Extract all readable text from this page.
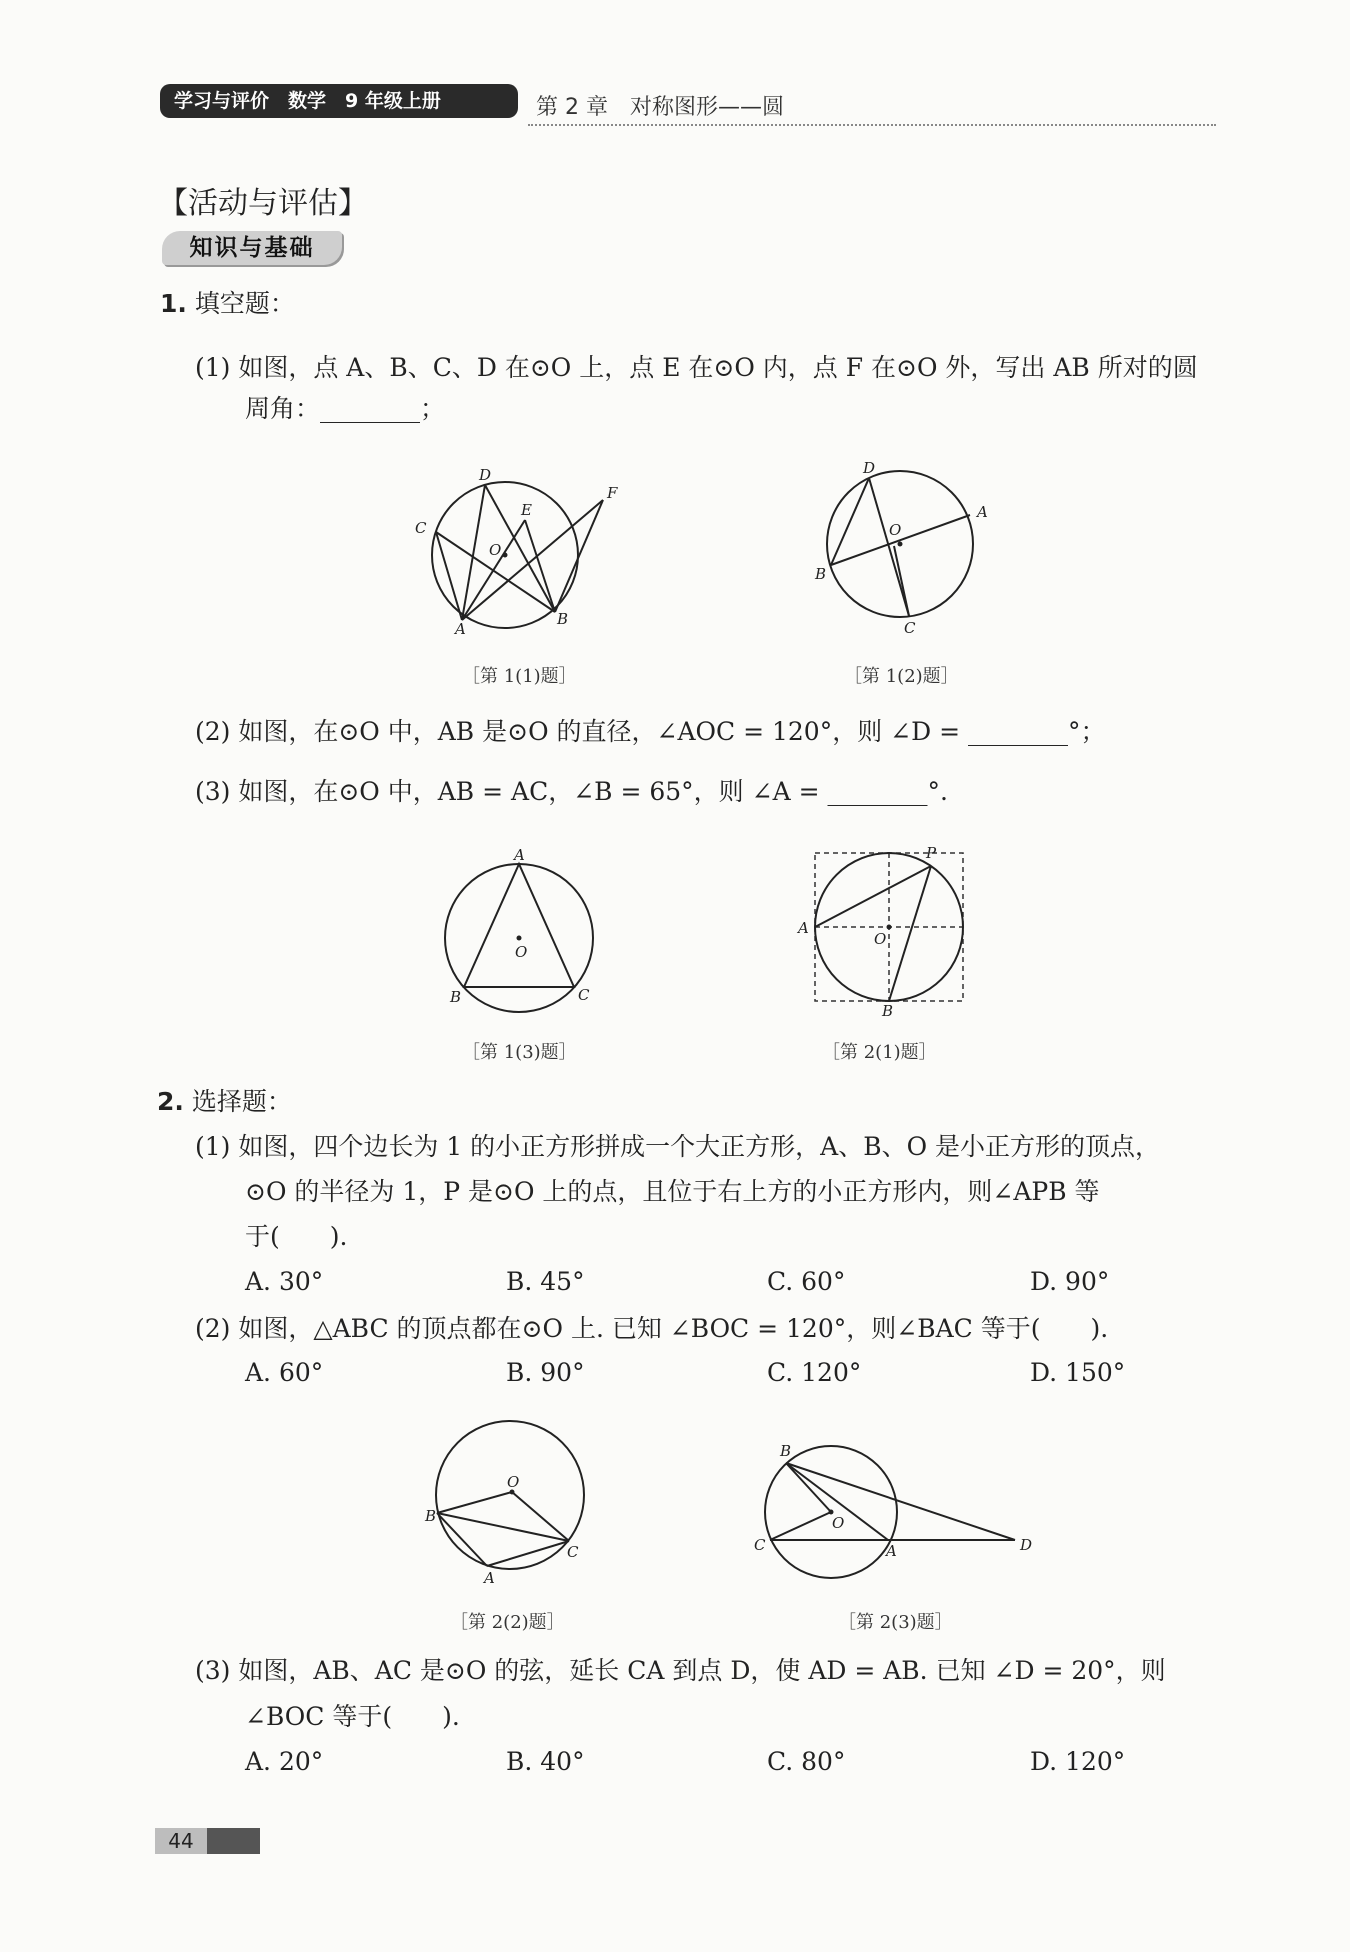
学习与评价　数学　9 年级上册	第 2 章　对称图形——圆
【活动与评估】
知识与基础
1. 填空题：
(1) 如图，点 A、B、C、D 在⊙O 上，点 E 在⊙O 内，点 F 在⊙O 外，写出 AB 所对的圆
周角：________；
A
B
C
D
E
F
O
［第 1(1)题］
A
B
C
D
O
［第 1(2)题］
(2) 如图，在⊙O 中，AB 是⊙O 的直径，∠AOC = 120°，则 ∠D = ________°；
(3) 如图，在⊙O 中，AB = AC，∠B = 65°，则 ∠A = ________°.
A
B	C
O
［第 1(3)题］
A
B
O
P
［第 2(1)题］
2. 选择题：
(1) 如图，四个边长为 1 的小正方形拼成一个大正方形，A、B、O 是小正方形的顶点，
⊙O 的半径为 1，P 是⊙O 上的点，且位于右上方的小正方形内，则∠APB 等
于(　　).
A. 30°	B. 45°	C. 60°	D. 90°
(2) 如图，△ABC 的顶点都在⊙O 上. 已知 ∠BOC = 120°，则∠BAC 等于(　　).
A. 60°	B. 90°	C. 120°	D. 150°
A
B
C
O
［第 2(2)题］
A
B
C	D
O
［第 2(3)题］
(3) 如图，AB、AC 是⊙O 的弦，延长 CA 到点 D，使 AD = AB. 已知 ∠D = 20°，则
∠BOC 等于(　　).
A. 20°	B. 40°	C. 80°	D. 120°
44
